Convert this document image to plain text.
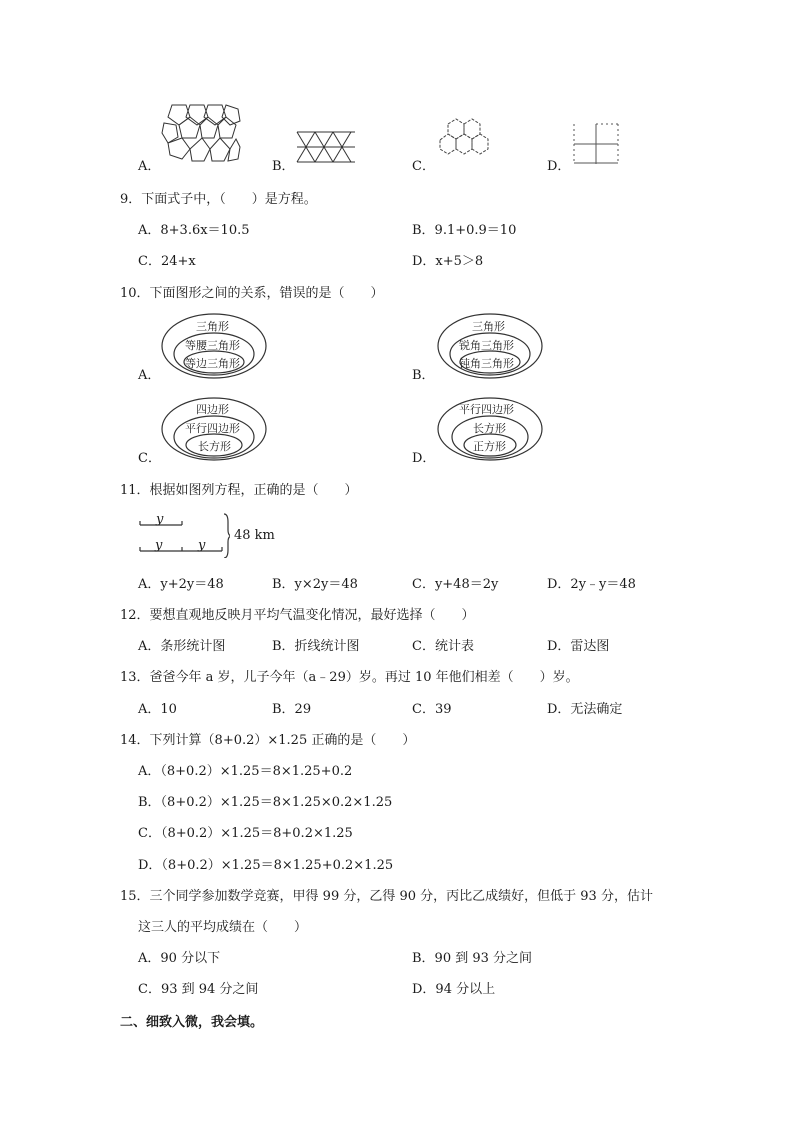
A．	B．	C．	D．
9．下面式子中，（　　）是方程。
A．8+3.6x＝10.5	B．9.1+0.9＝10
C．24+x	D．x+5＞8
10．下面图形之间的关系，错误的是（　　）
A．
三角形
等腰三角形
等边三角形
B．
三角形
锐角三角形
钝角三角形
C．
四边形
平行四边形
长方形
D．
平行四边形
长方形
正方形
11．根据如图列方程，正确的是（　　）
y
y	y
48 km
A．y+2y＝48	B．y×2y＝48	C．y+48＝2y	D．2y﹣y＝48
12．要想直观地反映月平均气温变化情况，最好选择（　　）
A．条形统计图	B．折线统计图	C．统计表	D．雷达图
13．爸爸今年 a 岁，儿子今年（a﹣29）岁。再过 10 年他们相差（　　）岁。
A．10	B．29	C．39	D．无法确定
14．下列计算（8+0.2）×1.25 正确的是（　　）
A．（8+0.2）×1.25＝8×1.25+0.2
B．（8+0.2）×1.25＝8×1.25×0.2×1.25
C．（8+0.2）×1.25＝8+0.2×1.25
D．（8+0.2）×1.25＝8×1.25+0.2×1.25
15．三个同学参加数学竞赛，甲得 99 分，乙得 90 分，丙比乙成绩好，但低于 93 分，估计
这三人的平均成绩在（　　）
A．90 分以下	B．90 到 93 分之间
C．93 到 94 分之间	D．94 分以上
二、细致入微，我会填。
